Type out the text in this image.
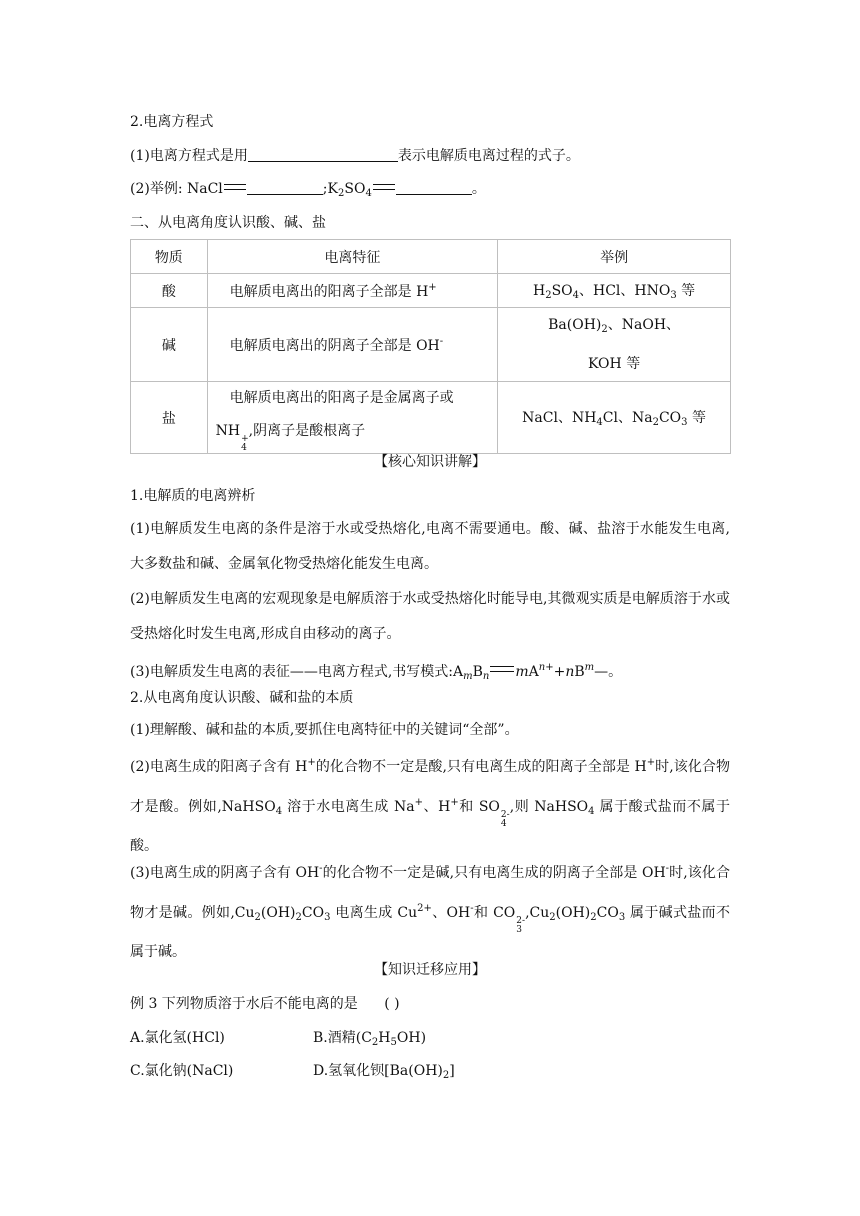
2.电离方程式
(1)电离方程式是用	表示电解质电离过程的式子。
(2)举例: NaCl	$;K_2SO_4$	。
二、从电离角度认识酸、碱、盐
物质	电离特征	举例
酸	电解质电离出的阳离子全部是 H+	$H_2SO_4$、HCl、$HNO_3$ 等
碱	电解质电离出的阴离子全部是 OH-	$Ba(OH)_2$、NaOH、
KOH 等

盐	电解质电离出的阳离子是金属离子或
NH +
4
,阴离子是酸根离子	NaCl、$NH_4Cl$、$Na_2CO_3$ 等
【核心知识讲解】
1.电解质的电离辨析
(1)电解质发生电离的条件是溶于水或受热熔化,电离不需要通电。酸、碱、盐溶于水能发生电离,大多数盐和碱、金属氧化物受热熔化能发生电离。
(2)电解质发生电离的宏观现象是电解质溶于水或受热熔化时能导电,其微观实质是电解质溶于水或受热熔化时发生电离,形成自由移动的离子。
(3)电解质发生电离的表征——电离方程式,书写模式$:A_mB_n$ $mA^{n+}+nB^m—$。
2.从电离角度认识酸、碱和盐的本质
(1)理解酸、碱和盐的本质,要抓住电离特征中的关键词“全部”。
(2)电离生成的阳离子含有 H+的化合物不一定是酸,只有电离生成的阳离子全部是 H+时,该化合物才是酸。例如,NaHSO$_4$ 溶于水电离生成 Na+、H+和 SO 2-
4
,则 NaHSO$_4$ 属于酸式盐而不属于酸。
(3)电离生成的阴离子含有 OH-的化合物不一定是碱,只有电离生成的阴离子全部是 OH-时,该化合物才是碱。例如$,Cu_2(OH)_2CO_3$ 电离生成 $Cu^{2+}$、OH-和 CO 2-
3
$,Cu_2(OH)_2CO_3$ 属于碱式盐而不属于碱。
【知识迁移应用】
例 3 下列物质溶于水后不能电离的是 ( )
A.氯化氢(HCl)	B.酒精$(C_2H_5OH)$
C.氯化钠(NaCl)	D.氢氧化钡$[Ba(OH)_2]$
